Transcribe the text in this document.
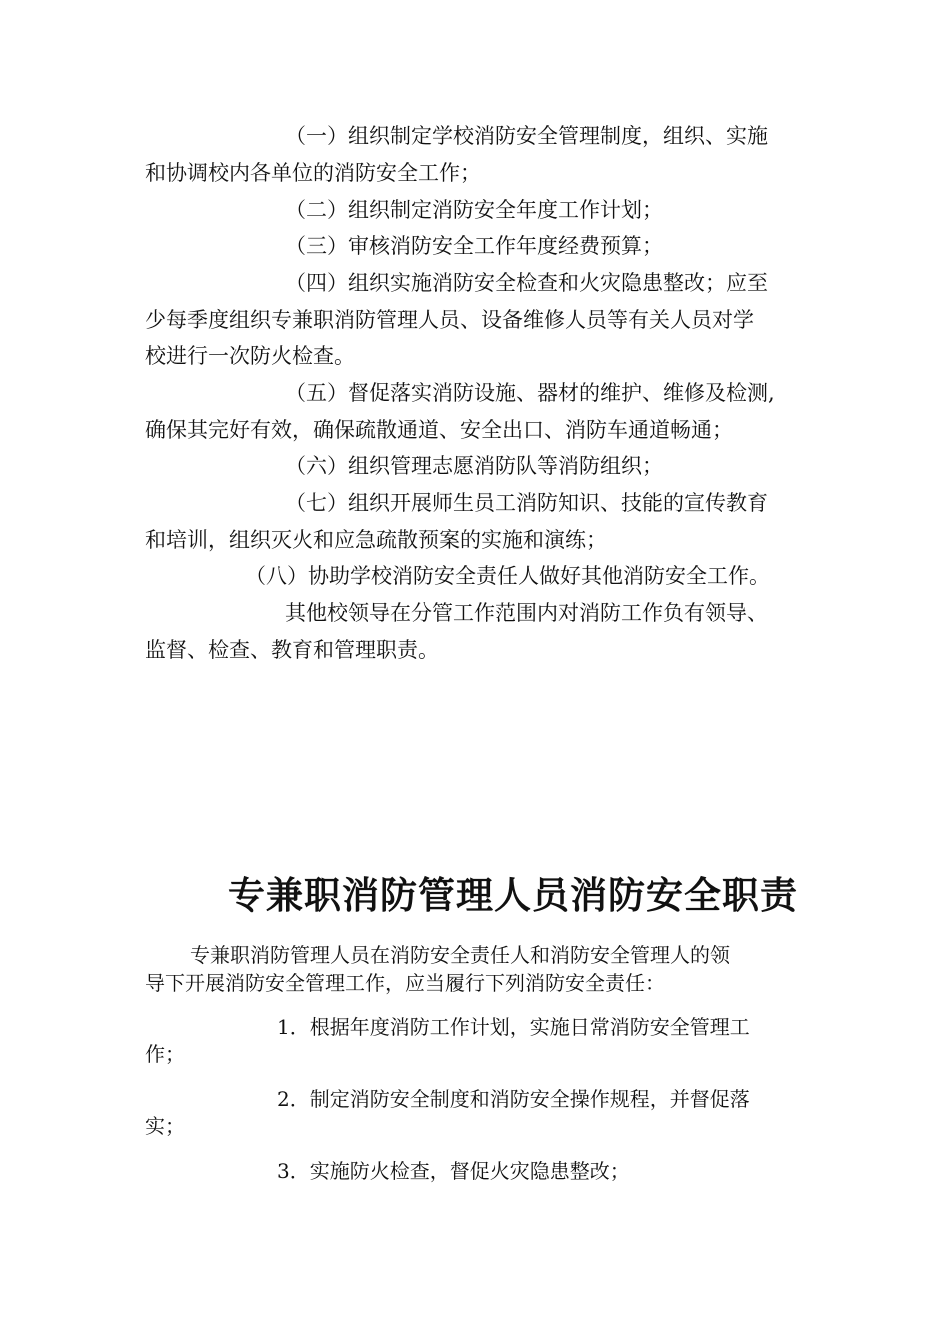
（一）组织制定学校消防安全管理制度，组织、实施
和协调校内各单位的消防安全工作；
（二）组织制定消防安全年度工作计划；
（三）审核消防安全工作年度经费预算；
（四）组织实施消防安全检查和火灾隐患整改；应至
少每季度组织专兼职消防管理人员、设备维修人员等有关人员对学
校进行一次防火检查。
（五）督促落实消防设施、器材的维护、维修及检测,
确保其完好有效，确保疏散通道、安全出口、消防车通道畅通；
（六）组织管理志愿消防队等消防组织；
（七）组织开展师生员工消防知识、技能的宣传教育
和培训，组织灭火和应急疏散预案的实施和演练；
（八）协助学校消防安全责任人做好其他消防安全工作。
其他校领导在分管工作范围内对消防工作负有领导、
监督、检查、教育和管理职责。
专兼职消防管理人员消防安全职责
专兼职消防管理人员在消防安全责任人和消防安全管理人的领
导下开展消防安全管理工作，应当履行下列消防安全责任：
1．根据年度消防工作计划，实施日常消防安全管理工
作；
2．制定消防安全制度和消防安全操作规程，并督促落
实；
3．实施防火检查，督促火灾隐患整改；
